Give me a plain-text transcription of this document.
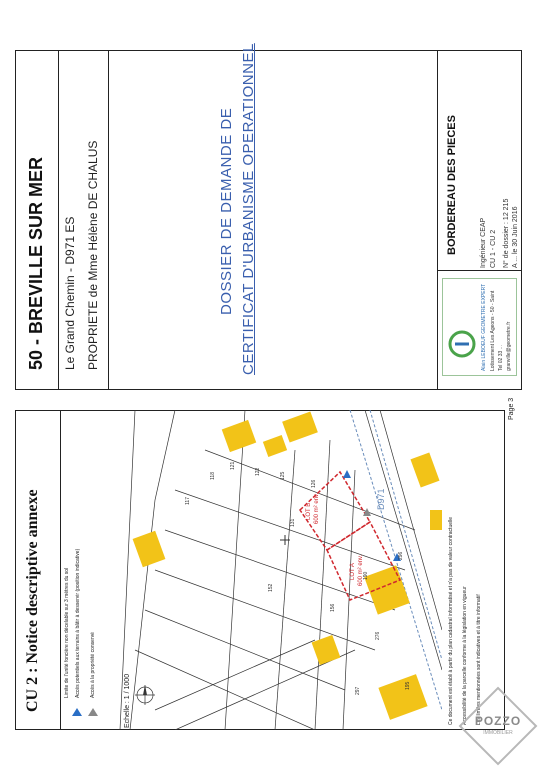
50 - BREVILLE SUR MER Le Grand Chemin - D971 ES PROPRIETE de Mme Hélène DE CHALUS	DOSSIER DE DEMANDE DE CERTIFICAT D'URBANISME OPERATIONNEL	BORDEREAU DES PIECES	Ingénieur CEAP CU 1 - CU 2 N° de dossier : 12 215 A ... le 30 Juin 2016
Alain LEBOEUF GEOMETRE EXPERT Lotissement Les Ageons - 50 - Saint Tel 02 33 ... granville@geometre.fr
CU 2 : Notice descriptive annexe	Limite de l'unité foncière non décelable sur 3 mètres du sol Accès potentiels aux terrains à bâtir à desservir (position indicative) Accès à la propriété conservé
LOT B 600 m² env.
LOT A 600 m² env.
D971
Echelle : 1 / 1000	Ce document est établi à partir du plan cadastral informatisé et n'a pas de valeur contractuelle Accessibilité de la parcelle conforme à la législation en vigueur Les limites mentionnées sont indicatives et à titre informatif
Page 3
POZZO
IMMOBILIER
117
118
121
122	125
126
131
152
156
190
276
296
297
195
